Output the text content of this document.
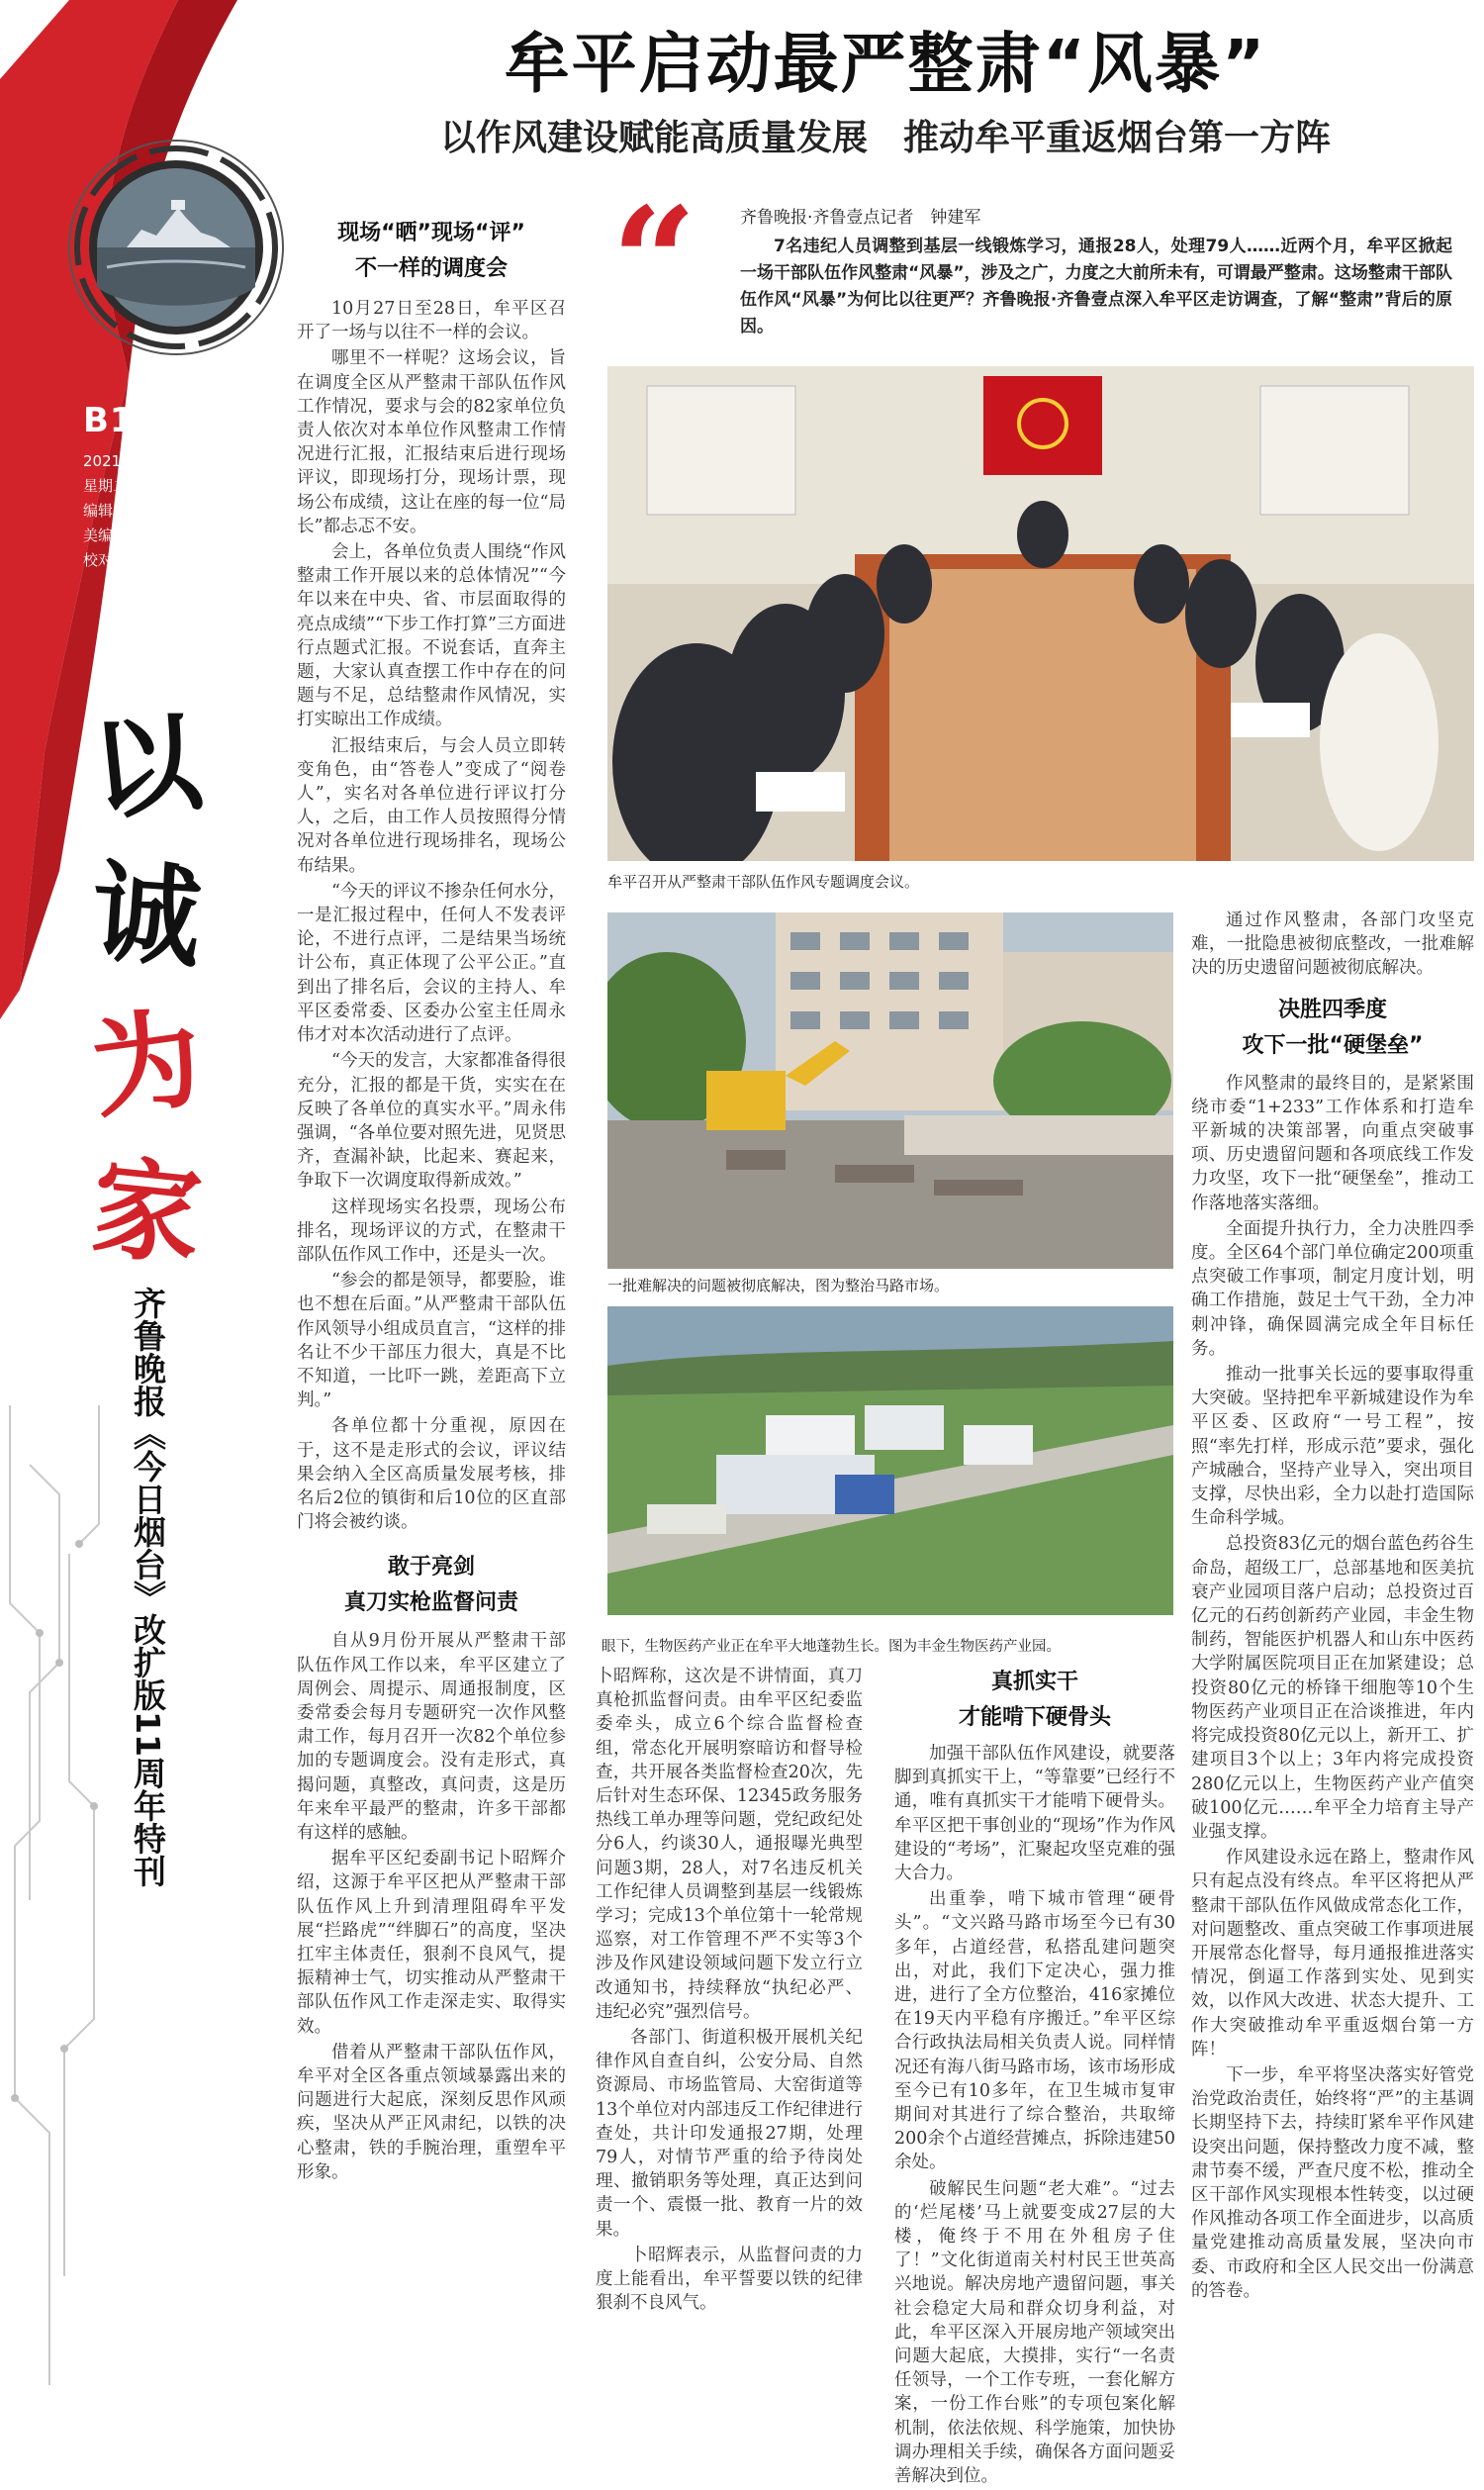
齐鲁晚报
B15
2021年11月9日
星期二
编辑:钟建军
美编:武春虎
校对:周宜刚
以
诚
为
家
齐鲁晚报《今日烟台》改扩版11周年特刊
牟平启动最严整肃“风暴”
以作风建设赋能高质量发展　推动牟平重返烟台第一方阵
“	齐鲁晚报·齐鲁壹点记者　钟建军
7名违纪人员调整到基层一线锻炼学习，通报28人，处理79人……近两个月，牟平区掀起一场干部队伍作风整肃“风暴”，涉及之广，力度之大前所未有，可谓最严整肃。这场整肃干部队伍作风“风暴”为何比以往更严？齐鲁晚报·齐鲁壹点深入牟平区走访调查，了解“整肃”背后的原因。
现场“晒”现场“评”
不一样的调度会

10月27日至28日，牟平区召开了一场与以往不一样的会议。

哪里不一样呢？这场会议，旨在调度全区从严整肃干部队伍作风工作情况，要求与会的82家单位负责人依次对本单位作风整肃工作情况进行汇报，汇报结束后进行现场评议，即现场打分，现场计票，现场公布成绩，这让在座的每一位“局长”都忐忑不安。

会上，各单位负责人围绕“作风整肃工作开展以来的总体情况”“今年以来在中央、省、市层面取得的亮点成绩”“下步工作打算”三方面进行点题式汇报。不说套话，直奔主题，大家认真查摆工作中存在的问题与不足，总结整肃作风情况，实打实晾出工作成绩。

汇报结束后，与会人员立即转变角色，由“答卷人”变成了“阅卷人”，实名对各单位进行评议打分人，之后，由工作人员按照得分情况对各单位进行现场排名，现场公布结果。

“今天的评议不掺杂任何水分，一是汇报过程中，任何人不发表评论，不进行点评，二是结果当场统计公布，真正体现了公平公正。”直到出了排名后，会议的主持人、牟平区委常委、区委办公室主任周永伟才对本次活动进行了点评。

“今天的发言，大家都准备得很充分，汇报的都是干货，实实在在反映了各单位的真实水平。”周永伟强调，“各单位要对照先进，见贤思齐，查漏补缺，比起来、赛起来，争取下一次调度取得新成效。”

这样现场实名投票，现场公布排名，现场评议的方式，在整肃干部队伍作风工作中，还是头一次。

“参会的都是领导，都要脸，谁也不想在后面。”从严整肃干部队伍作风领导小组成员直言，“这样的排名让不少干部压力很大，真是不比不知道，一比吓一跳，差距高下立判。”

各单位都十分重视，原因在于，这不是走形式的会议，评议结果会纳入全区高质量发展考核，排名后2位的镇街和后10位的区直部门将会被约谈。

敢于亮剑
真刀实枪监督问责

自从9月份开展从严整肃干部队伍作风工作以来，牟平区建立了周例会、周提示、周通报制度，区委常委会每月专题研究一次作风整肃工作，每月召开一次82个单位参加的专题调度会。没有走形式，真揭问题，真整改，真问责，这是历年来牟平最严的整肃，许多干部都有这样的感触。

据牟平区纪委副书记卜昭辉介绍，这源于牟平区把从严整肃干部队伍作风上升到清理阻碍牟平发展“拦路虎”“绊脚石”的高度，坚决扛牢主体责任，狠刹不良风气，提振精神士气，切实推动从严整肃干部队伍作风工作走深走实、取得实效。

借着从严整肃干部队伍作风，牟平对全区各重点领域暴露出来的问题进行大起底，深刻反思作风顽疾，坚决从严正风肃纪，以铁的决心整肃，铁的手腕治理，重塑牟平形象。

牟平召开从严整肃干部队伍作风专题调度会议。
一批难解决的问题被彻底解决，图为整治马路市场。
眼下，生物医药产业正在牟平大地蓬勃生长。图为丰金生物医药产业园。

卜昭辉称，这次是不讲情面，真刀真枪抓监督问责。由牟平区纪委监委牵头，成立6个综合监督检查组，常态化开展明察暗访和督导检查，共开展各类监督检查20次，先后针对生态环保、12345政务服务热线工单办理等问题，党纪政纪处分6人，约谈30人，通报曝光典型问题3期，28人，对7名违反机关工作纪律人员调整到基层一线锻炼学习；完成13个单位第十一轮常规巡察，对工作管理不严不实等3个涉及作风建设领域问题下发立行立改通知书，持续释放“执纪必严、违纪必究”强烈信号。

各部门、街道积极开展机关纪律作风自查自纠，公安分局、自然资源局、市场监管局、大窑街道等13个单位对内部违反工作纪律进行查处，共计印发通报27期，处理79人，对情节严重的给予待岗处理、撤销职务等处理，真正达到问责一个、震慑一批、教育一片的效果。

卜昭辉表示，从监督问责的力度上能看出，牟平誓要以铁的纪律狠刹不良风气。

真抓实干
才能啃下硬骨头

加强干部队伍作风建设，就要落脚到真抓实干上，“等靠要”已经行不通，唯有真抓实干才能啃下硬骨头。牟平区把干事创业的“现场”作为作风建设的“考场”，汇聚起攻坚克难的强大合力。

出重拳，啃下城市管理“硬骨头”。“文兴路马路市场至今已有30多年，占道经营，私搭乱建问题突出，对此，我们下定决心，强力推进，进行了全方位整治，416家摊位在19天内平稳有序搬迁。”牟平区综合行政执法局相关负责人说。同样情况还有海八街马路市场，该市场形成至今已有10多年，在卫生城市复审期间对其进行了综合整治，共取缔200余个占道经营摊点，拆除违建50余处。

破解民生问题“老大难”。“过去的‘烂尾楼’马上就要变成27层的大楼，俺终于不用在外租房子住了！”文化街道南关村村民王世英高兴地说。解决房地产遗留问题，事关社会稳定大局和群众切身利益，对此，牟平区深入开展房地产领域突出问题大起底，大摸排，实行“一名责任领导，一个工作专班，一套化解方案，一份工作台账”的专项包案化解机制，依法依规、科学施策，加快协调办理相关手续，确保各方面问题妥善解决到位。

通过作风整肃，各部门攻坚克难，一批隐患被彻底整改，一批难解决的历史遗留问题被彻底解决。

决胜四季度
攻下一批“硬堡垒”

作风整肃的最终目的，是紧紧围绕市委“1+233”工作体系和打造牟平新城的决策部署，向重点突破事项、历史遗留问题和各项底线工作发力攻坚，攻下一批“硬堡垒”，推动工作落地落实落细。

全面提升执行力，全力决胜四季度。全区64个部门单位确定200项重点突破工作事项，制定月度计划，明确工作措施，鼓足士气干劲，全力冲刺冲锋，确保圆满完成全年目标任务。

推动一批事关长远的要事取得重大突破。坚持把牟平新城建设作为牟平区委、区政府“一号工程”，按照“率先打样，形成示范”要求，强化产城融合，坚持产业导入，突出项目支撑，尽快出彩，全力以赴打造国际生命科学城。

总投资83亿元的烟台蓝色药谷生命岛，超级工厂，总部基地和医美抗衰产业园项目落户启动；总投资过百亿元的石药创新药产业园，丰金生物制药，智能医护机器人和山东中医药大学附属医院项目正在加紧建设；总投资80亿元的桥锋干细胞等10个生物医药产业项目正在洽谈推进，年内将完成投资80亿元以上，新开工、扩建项目3个以上；3年内将完成投资280亿元以上，生物医药产业产值突破100亿元……牟平全力培育主导产业强支撑。

作风建设永远在路上，整肃作风只有起点没有终点。牟平区将把从严整肃干部队伍作风做成常态化工作，对问题整改、重点突破工作事项进展开展常态化督导，每月通报推进落实情况，倒逼工作落到实处、见到实效，以作风大改进、状态大提升、工作大突破推动牟平重返烟台第一方阵！

下一步，牟平将坚决落实好管党治党政治责任，始终将“严”的主基调长期坚持下去，持续盯紧牟平作风建设突出问题，保持整改力度不减，整肃节奏不缓，严查尺度不松，推动全区干部作风实现根本性转变，以过硬作风推动各项工作全面进步，以高质量党建推动高质量发展，坚决向市委、市政府和全区人民交出一份满意的答卷。
